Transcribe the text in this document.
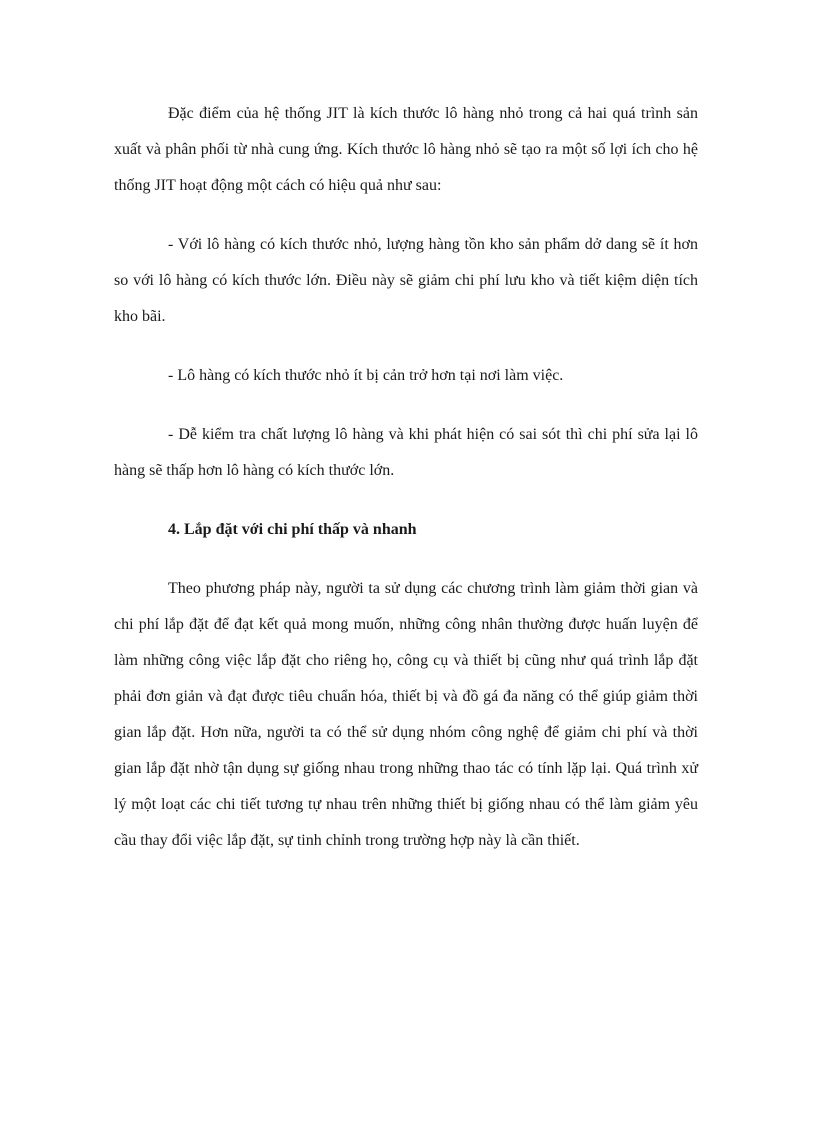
Đặc điểm của hệ thống JIT là kích thước lô hàng nhỏ trong cả hai quá trình sản xuất và phân phối từ nhà cung ứng. Kích thước lô hàng nhỏ sẽ tạo ra một số lợi ích cho hệ thống JIT hoạt động một cách có hiệu quả như sau:

- Với lô hàng có kích thước nhỏ, lượng hàng tồn kho sản phẩm dở dang sẽ ít hơn so với lô hàng có kích thước lớn. Điều này sẽ giảm chi phí lưu kho và tiết kiệm diện tích kho bãi.

- Lô hàng có kích thước nhỏ ít bị cản trở hơn tại nơi làm việc.

- Dễ kiểm tra chất lượng lô hàng và khi phát hiện có sai sót thì chi phí sửa lại lô hàng sẽ thấp hơn lô hàng có kích thước lớn.

4. Lắp đặt với chi phí thấp và nhanh

Theo phương pháp này, người ta sử dụng các chương trình làm giảm thời gian và chi phí lắp đặt để đạt kết quả mong muốn, những công nhân thường được huấn luyện để làm những công việc lắp đặt cho riêng họ, công cụ và thiết bị cũng như quá trình lắp đặt phải đơn giản và đạt được tiêu chuẩn hóa, thiết bị và đồ gá đa năng có thể giúp giảm thời gian lắp đặt. Hơn nữa, người ta có thể sử dụng nhóm công nghệ để giảm chi phí và thời gian lắp đặt nhờ tận dụng sự giống nhau trong những thao tác có tính lặp lại. Quá trình xử lý một loạt các chi tiết tương tự nhau trên những thiết bị giống nhau có thể làm giảm yêu cầu thay đổi việc lắp đặt, sự tinh chỉnh trong trường hợp này là cần thiết.
